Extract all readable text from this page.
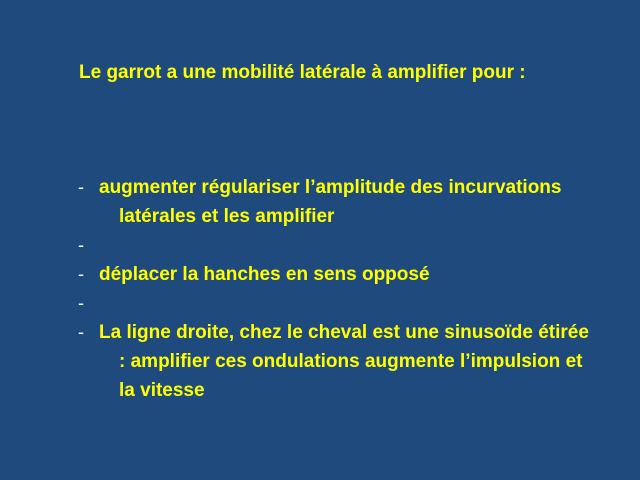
Le garrot a une mobilité latérale à amplifier pour :
- augmenter régulariser l’amplitude des incurvations latérales et les amplifier
-
- déplacer la hanches en sens opposé
-
- La ligne droite, chez le cheval est une sinusoïde étirée : amplifier ces ondulations augmente l’impulsion et la vitesse
